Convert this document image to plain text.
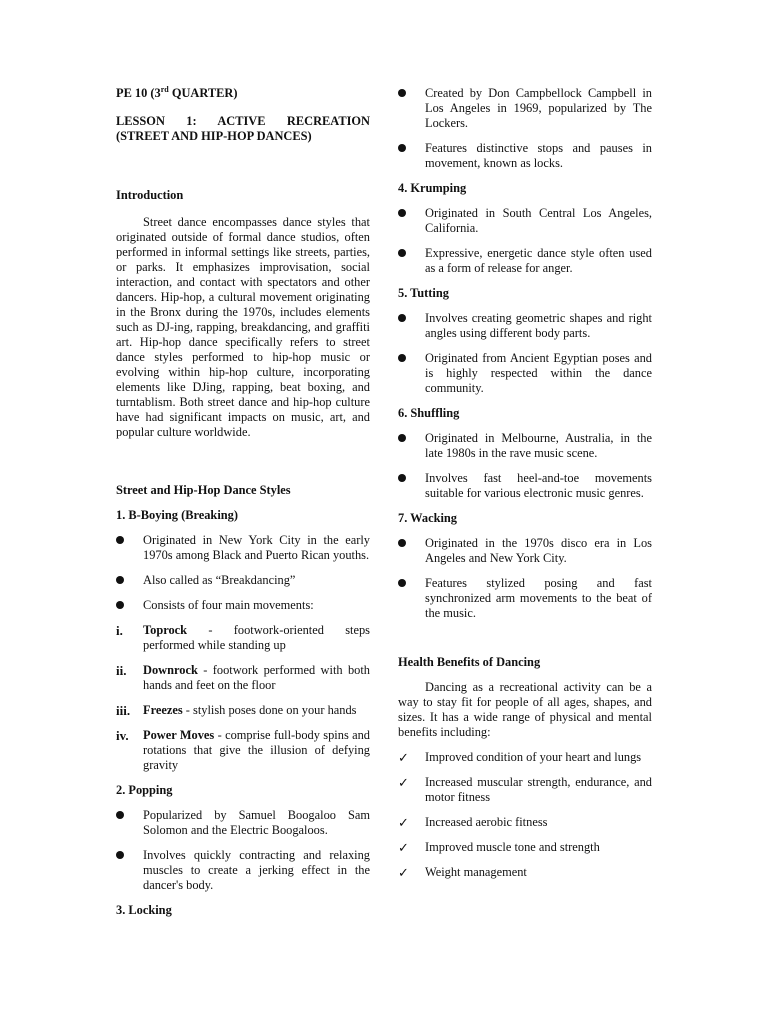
PE 10 (3rd QUARTER)
LESSON 1: ACTIVE RECREATION (STREET AND HIP-HOP DANCES)
Introduction

Street dance encompasses dance styles that originated outside of formal dance studios, often performed in informal settings like streets, parties, or parks. It emphasizes improvisation, social interaction, and contact with spectators and other dancers. Hip-hop, a cultural movement originating in the Bronx during the 1970s, includes elements such as DJ-ing, rapping, breakdancing, and graffiti art. Hip-hop dance specifically refers to street dance styles performed to hip-hop music or evolving within hip-hop culture, incorporating elements like DJing, rapping, beat boxing, and turntablism. Both street dance and hip-hop culture have had significant impacts on music, art, and popular culture worldwide.

Street and Hip-Hop Dance Styles
1. B-Boying (Breaking)
Originated in New York City in the early 1970s among Black and Puerto Rican youths.
Also called as “Breakdancing”
Consists of four main movements:
i.	Toprock - footwork-oriented steps performed while standing up
ii.	Downrock - footwork performed with both hands and feet on the floor
iii.	Freezes - stylish poses done on your hands
iv.	Power Moves - comprise full-body spins and rotations that give the illusion of defying gravity
2. Popping
Popularized by Samuel Boogaloo Sam Solomon and the Electric Boogaloos.
Involves quickly contracting and relaxing muscles to create a jerking effect in the dancer's body.
3. Locking
Created by Don Campbellock Campbell in Los Angeles in 1969, popularized by The Lockers.
Features distinctive stops and pauses in movement, known as locks.
4. Krumping
Originated in South Central Los Angeles, California.
Expressive, energetic dance style often used as a form of release for anger.
5. Tutting
Involves creating geometric shapes and right angles using different body parts.
Originated from Ancient Egyptian poses and is highly respected within the dance community.
6. Shuffling
Originated in Melbourne, Australia, in the late 1980s in the rave music scene.
Involves fast heel-and-toe movements suitable for various electronic music genres.
7. Wacking
Originated in the 1970s disco era in Los Angeles and New York City.
Features stylized posing and fast synchronized arm movements to the beat of the music.
Health Benefits of Dancing

Dancing as a recreational activity can be a way to stay fit for people of all ages, shapes, and sizes. It has a wide range of physical and mental benefits including:

✓	Improved condition of your heart and lungs
✓	Increased muscular strength, endurance, and motor fitness
✓	Increased aerobic fitness
✓	Improved muscle tone and strength
✓	Weight management
